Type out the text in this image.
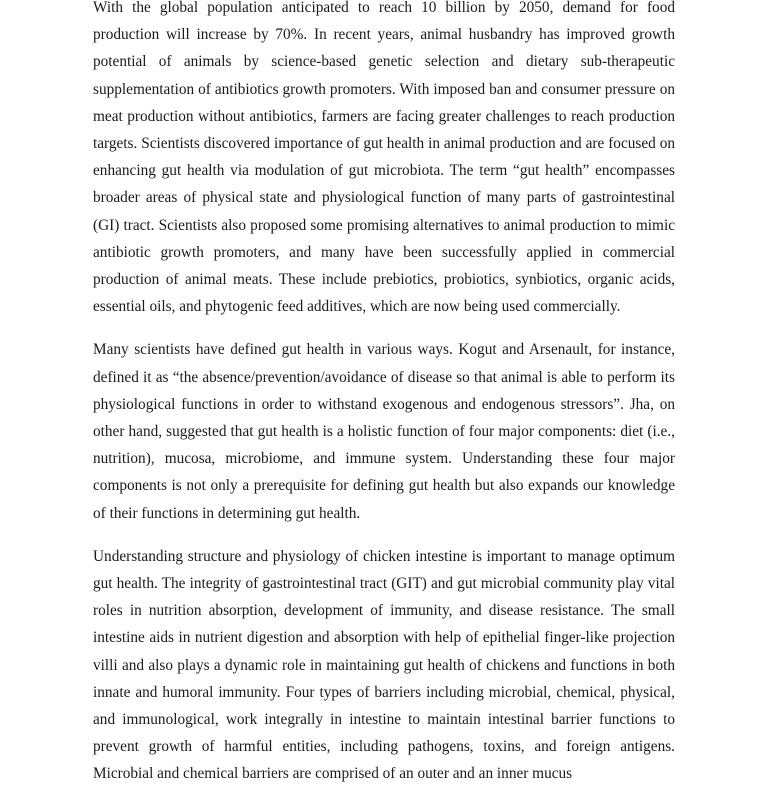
With the global population anticipated to reach 10 billion by 2050, demand for food production will increase by 70%. In recent years, animal husbandry has improved growth potential of animals by science-based genetic selection and dietary sub-therapeutic supplementation of antibiotics growth promoters. With imposed ban and consumer pressure on meat production without antibiotics, farmers are facing greater challenges to reach production targets. Scientists discovered importance of gut health in animal production and are focused on enhancing gut health via modulation of gut microbiota. The term “gut health” encompasses broader areas of physical state and physiological function of many parts of gastrointestinal (GI) tract. Scientists also proposed some promising alternatives to animal production to mimic antibiotic growth promoters, and many have been successfully applied in commercial production of animal meats. These include prebiotics, probiotics, synbiotics, organic acids, essential oils, and phytogenic feed additives, which are now being used commercially.

Many scientists have defined gut health in various ways. Kogut and Arsenault, for instance, defined it as “the absence/prevention/avoidance of disease so that animal is able to perform its physiological functions in order to withstand exogenous and endogenous stressors”. Jha, on other hand, suggested that gut health is a holistic function of four major components: diet (i.e., nutrition), mucosa, microbiome, and immune system. Understanding these four major components is not only a prerequisite for defining gut health but also expands our knowledge of their functions in determining gut health.

Understanding structure and physiology of chicken intestine is important to manage optimum gut health. The integrity of gastrointestinal tract (GIT) and gut microbial community play vital roles in nutrition absorption, development of immunity, and disease resistance. The small intestine aids in nutrient digestion and absorption with help of epithelial finger-like projection villi and also plays a dynamic role in maintaining gut health of chickens and functions in both innate and humoral immunity. Four types of barriers including microbial, chemical, physical, and immunological, work integrally in intestine to maintain intestinal barrier functions to prevent growth of harmful entities, including pathogens, toxins, and foreign antigens. Microbial and chemical barriers are comprised of an outer and an inner mucus
